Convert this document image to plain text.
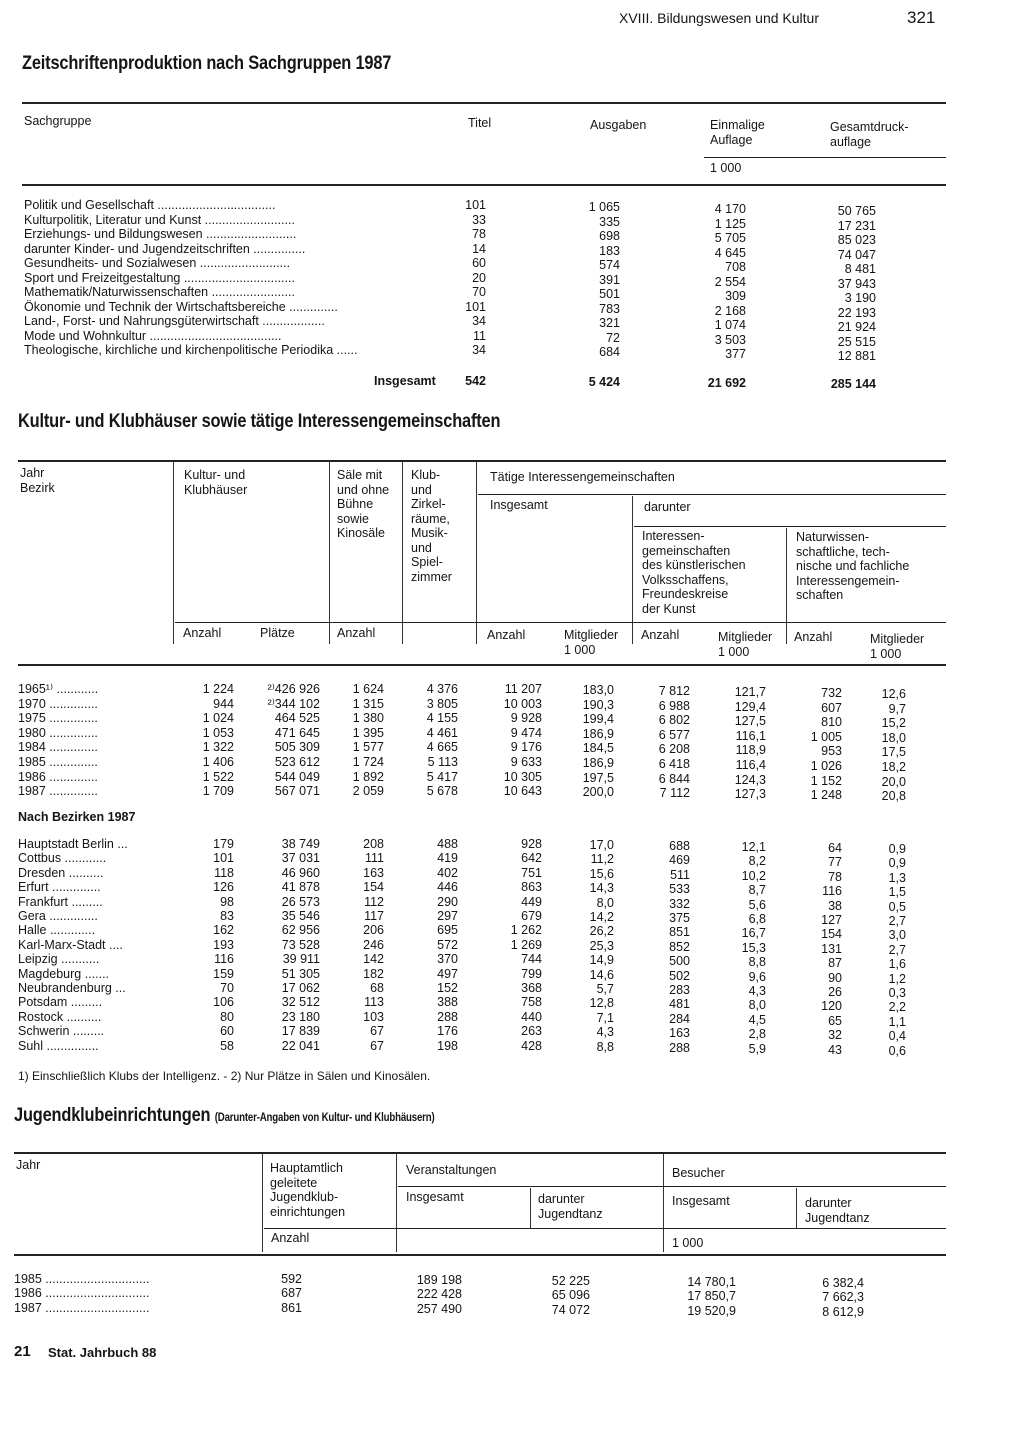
XVIII. Bildungswesen und Kultur	321
Zeitschriftenproduktion nach Sachgruppen 1987
Sachgruppe	Titel	Ausgaben	Einmalige
Auflage
Gesamtdruck-
auflage
1 000
Politik und Gesellschaft ..................................	101	1 065	4 170	50 765
Kulturpolitik, Literatur und Kunst ..........................	33	335	1 125	17 231
Erziehungs- und Bildungswesen ..........................	78	698	5 705	85 023
darunter Kinder- und Jugendzeitschriften ...............	14	183	4 645	74 047
Gesundheits- und Sozialwesen ..........................	60	574	708	8 481
Sport und Freizeitgestaltung ................................	20	391	2 554	37 943
Mathematik/Naturwissenschaften ........................	70	501	309	3 190
Ökonomie und Technik der Wirtschaftsbereiche ..............	101	783	2 168	22 193
Land-, Forst- und Nahrungsgüterwirtschaft ..................	34	321	1 074	21 924
Mode und Wohnkultur ......................................	11	72	3 503	25 515
Theologische, kirchliche und kirchenpolitische Periodika ......	34	684	377	12 881
Insgesamt 542	5 424	21 692	285 144
Kultur- und Klubhäuser sowie tätige Interessengemeinschaften
Jahr
Bezirk
Kultur- und
Klubhäuser
Säle mit
und ohne
Bühne
sowie
Kinosäle
Klub-
und
Zirkel-
räume,
Musik-
und
Spiel-
zimmer
Tätige Interessengemeinschaften
Insgesamt	darunter
Interessen-
gemeinschaften
des künstlerischen
Volksschaffens,
Freundeskreise
der Kunst
Naturwissen-
schaftliche, tech-
nische und fachliche
Interessengemein-
schaften
Anzahl	Plätze	Anzahl	Anzahl	Mitglieder
1 000
Anzahl	Mitglieder
1 000
Anzahl	Mitglieder
1 000
1965¹⁾ ............	1 224	²⁾426 926	1 624	4 376	11 207	183,0	7 812	121,7	732	12,6
1970 ..............	944	²⁾344 102	1 315	3 805	10 003	190,3	6 988	129,4	607	9,7
1975 ..............	1 024	464 525	1 380	4 155	9 928	199,4	6 802	127,5	810	15,2
1980 ..............	1 053	471 645	1 395	4 461	9 474	186,9	6 577	116,1	1 005	18,0
1984 ..............	1 322	505 309	1 577	4 665	9 176	184,5	6 208	118,9	953	17,5
1985 ..............	1 406	523 612	1 724	5 113	9 633	186,9	6 418	116,4	1 026	18,2
1986 ..............	1 522	544 049	1 892	5 417	10 305	197,5	6 844	124,3	1 152	20,0
1987 ..............	1 709	567 071	2 059	5 678	10 643	200,0	7 112	127,3	1 248	20,8
Nach Bezirken 1987
Hauptstadt Berlin ...	179	38 749	208	488	928	17,0	688	12,1	64	0,9
Cottbus ............	101	37 031	111	419	642	11,2	469	8,2	77	0,9
Dresden ..........	118	46 960	163	402	751	15,6	511	10,2	78	1,3
Erfurt ..............	126	41 878	154	446	863	14,3	533	8,7	116	1,5
Frankfurt .........	98	26 573	112	290	449	8,0	332	5,6	38	0,5
Gera ..............	83	35 546	117	297	679	14,2	375	6,8	127	2,7
Halle .............	162	62 956	206	695	1 262	26,2	851	16,7	154	3,0
Karl-Marx-Stadt ....	193	73 528	246	572	1 269	25,3	852	15,3	131	2,7
Leipzig ...........	116	39 911	142	370	744	14,9	500	8,8	87	1,6
Magdeburg .......	159	51 305	182	497	799	14,6	502	9,6	90	1,2
Neubrandenburg ...	70	17 062	68	152	368	5,7	283	4,3	26	0,3
Potsdam .........	106	32 512	113	388	758	12,8	481	8,0	120	2,2
Rostock ..........	80	23 180	103	288	440	7,1	284	4,5	65	1,1
Schwerin .........	60	17 839	67	176	263	4,3	163	2,8	32	0,4
Suhl ...............	58	22 041	67	198	428	8,8	288	5,9	43	0,6
1) Einschließlich Klubs der Intelligenz. - 2) Nur Plätze in Sälen und Kinosälen.
Jugendklubeinrichtungen (Darunter-Angaben von Kultur- und Klubhäusern)
Jahr	Hauptamtlich
geleitete
Jugendklub-
einrichtungen
Veranstaltungen	Besucher
Insgesamt	darunter
Jugendtanz
Insgesamt	darunter
Jugendtanz
Anzahl	1 000
1985 ..............................	592	189 198	52 225	14 780,1	6 382,4
1986 ..............................	687	222 428	65 096	17 850,7	7 662,3
1987 ..............................	861	257 490	74 072	19 520,9	8 612,9
21 Stat. Jahrbuch 88
